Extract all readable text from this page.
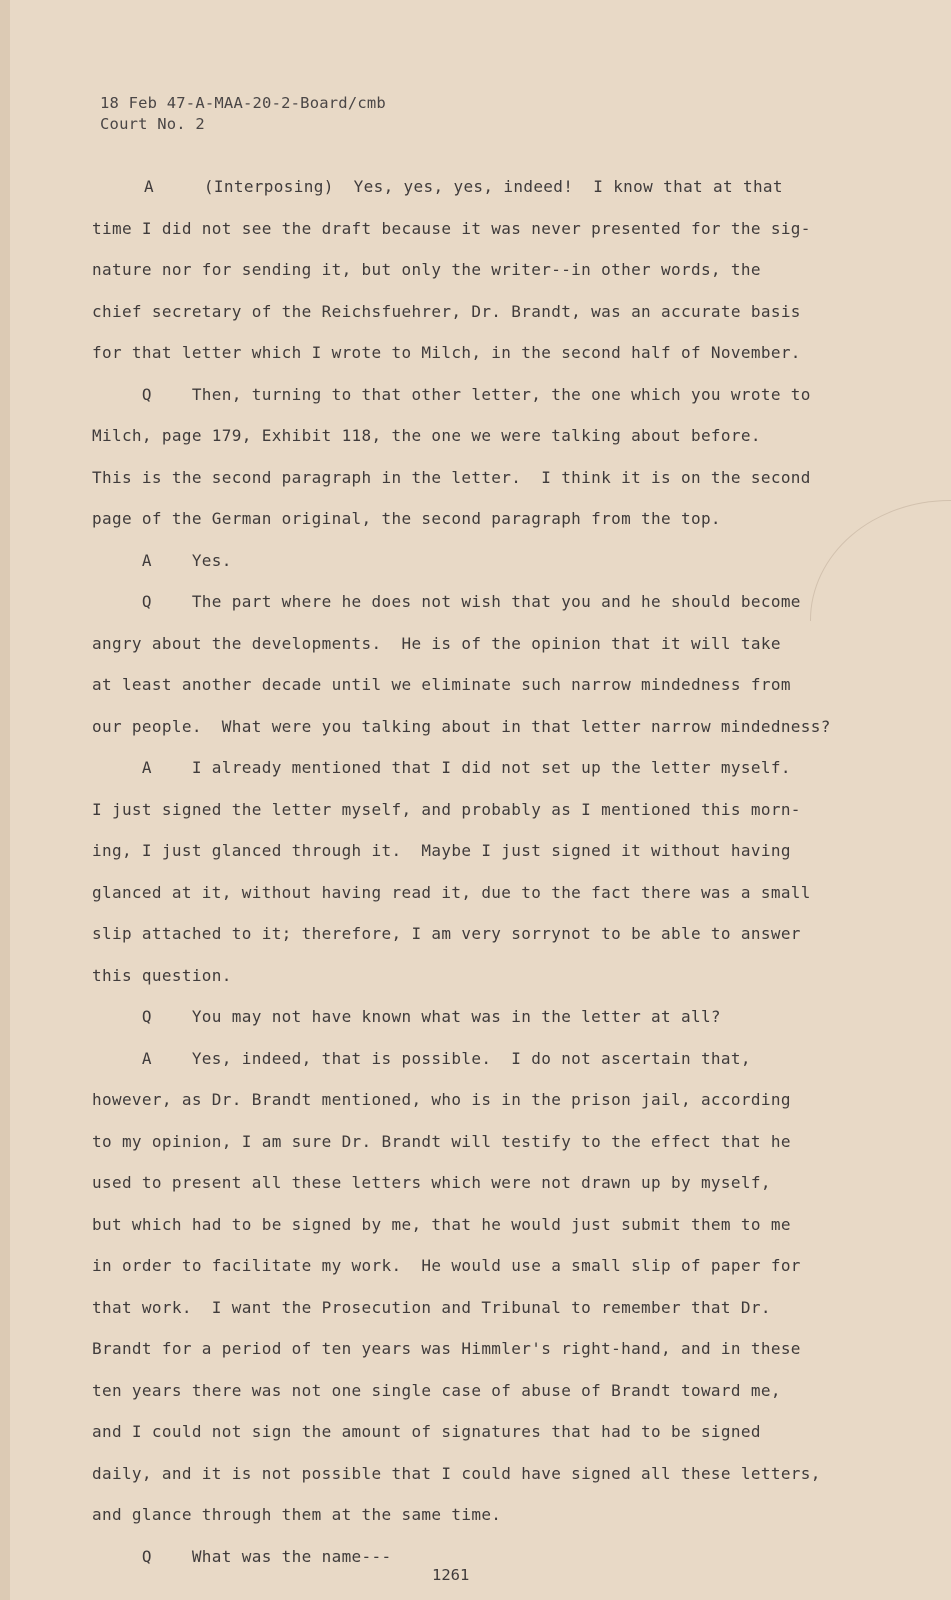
18 Feb 47-A-MAA-20-2-Board/cmb
Court No. 2
A     (Interposing)  Yes, yes, yes, indeed!  I know that at that
time I did not see the draft because it was never presented for the sig-
nature nor for sending it, but only the writer--in other words, the
chief secretary of the Reichsfuehrer, Dr. Brandt, was an accurate basis
for that letter which I wrote to Milch, in the second half of November.
Q    Then, turning to that other letter, the one which you wrote to
Milch, page 179, Exhibit 118, the one we were talking about before.
This is the second paragraph in the letter.  I think it is on the second
page of the German original, the second paragraph from the top.
A    Yes.
Q    The part where he does not wish that you and he should become
angry about the developments.  He is of the opinion that it will take
at least another decade until we eliminate such narrow mindedness from
our people.  What were you talking about in that letter narrow mindedness?
A    I already mentioned that I did not set up the letter myself.
I just signed the letter myself, and probably as I mentioned this morn-
ing, I just glanced through it.  Maybe I just signed it without having
glanced at it, without having read it, due to the fact there was a small
slip attached to it; therefore, I am very sorrynot to be able to answer
this question.
Q    You may not have known what was in the letter at all?
A    Yes, indeed, that is possible.  I do not ascertain that,
however, as Dr. Brandt mentioned, who is in the prison jail, according
to my opinion, I am sure Dr. Brandt will testify to the effect that he
used to present all these letters which were not drawn up by myself,
but which had to be signed by me, that he would just submit them to me
in order to facilitate my work.  He would use a small slip of paper for
that work.  I want the Prosecution and Tribunal to remember that Dr.
Brandt for a period of ten years was Himmler's right-hand, and in these
ten years there was not one single case of abuse of Brandt toward me,
and I could not sign the amount of signatures that had to be signed
daily, and it is not possible that I could have signed all these letters,
and glance through them at the same time.
Q    What was the name---
1261
